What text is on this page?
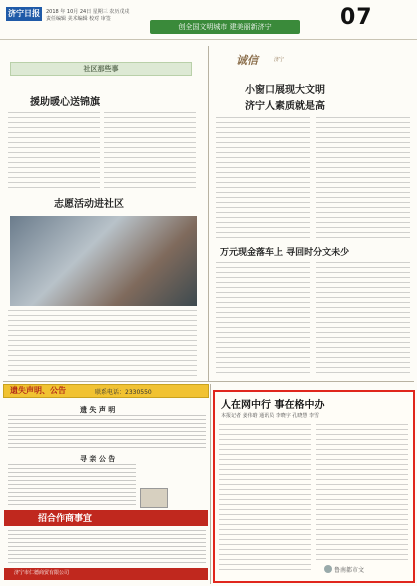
济宁日报	2018 年 10月 24日 星期三 农历戊戌
责任编辑 美术编辑 校对 审签
创全国文明城市 建美丽新济宁	07
社区那些事
援助暖心送锦旗
志愿活动进社区
诚信	济宁
小窗口展现大文明
济宁人素质就是高
万元现金落车上 寻回时分文未少
遗失声明、公告	联系电话：2330550
遗 失 声 明
寻 亲 公 告
招合作商事宜
济宁市仁德商贸有限公司
人在网中行 事在格中办
本报记者 姜伟晗 通讯员 李晓宇 孔晓慧 李雪
鲁南都市文
